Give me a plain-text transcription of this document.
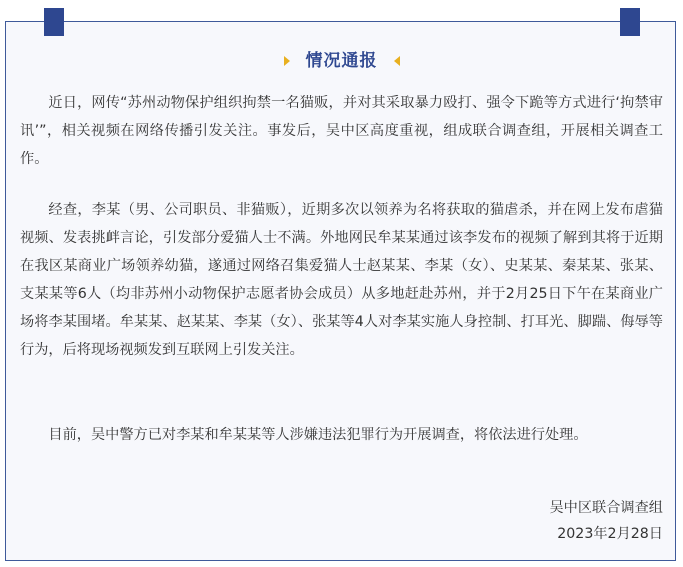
情况通报

近日，网传“苏州动物保护组织拘禁一名猫贩，并对其采取暴力殴打、强令下跪等方式进行‘拘禁审讯’”，相关视频在网络传播引发关注。事发后，吴中区高度重视，组成联合调查组，开展相关调查工作。

经查，李某（男、公司职员、非猫贩），近期多次以领养为名将获取的猫虐杀，并在网上发布虐猫视频、发表挑衅言论，引发部分爱猫人士不满。外地网民牟某某通过该李发布的视频了解到其将于近期在我区某商业广场领养幼猫，遂通过网络召集爱猫人士赵某某、李某（女）、史某某、秦某某、张某、支某某等6人（均非苏州小动物保护志愿者协会成员）从多地赶赴苏州，并于2月25日下午在某商业广场将李某围堵。牟某某、赵某某、李某（女）、张某等4人对李某实施人身控制、打耳光、脚踹、侮辱等行为，后将现场视频发到互联网上引发关注。

目前，吴中警方已对李某和牟某某等人涉嫌违法犯罪行为开展调查，将依法进行处理。

吴中区联合调查组
2023年2月28日
